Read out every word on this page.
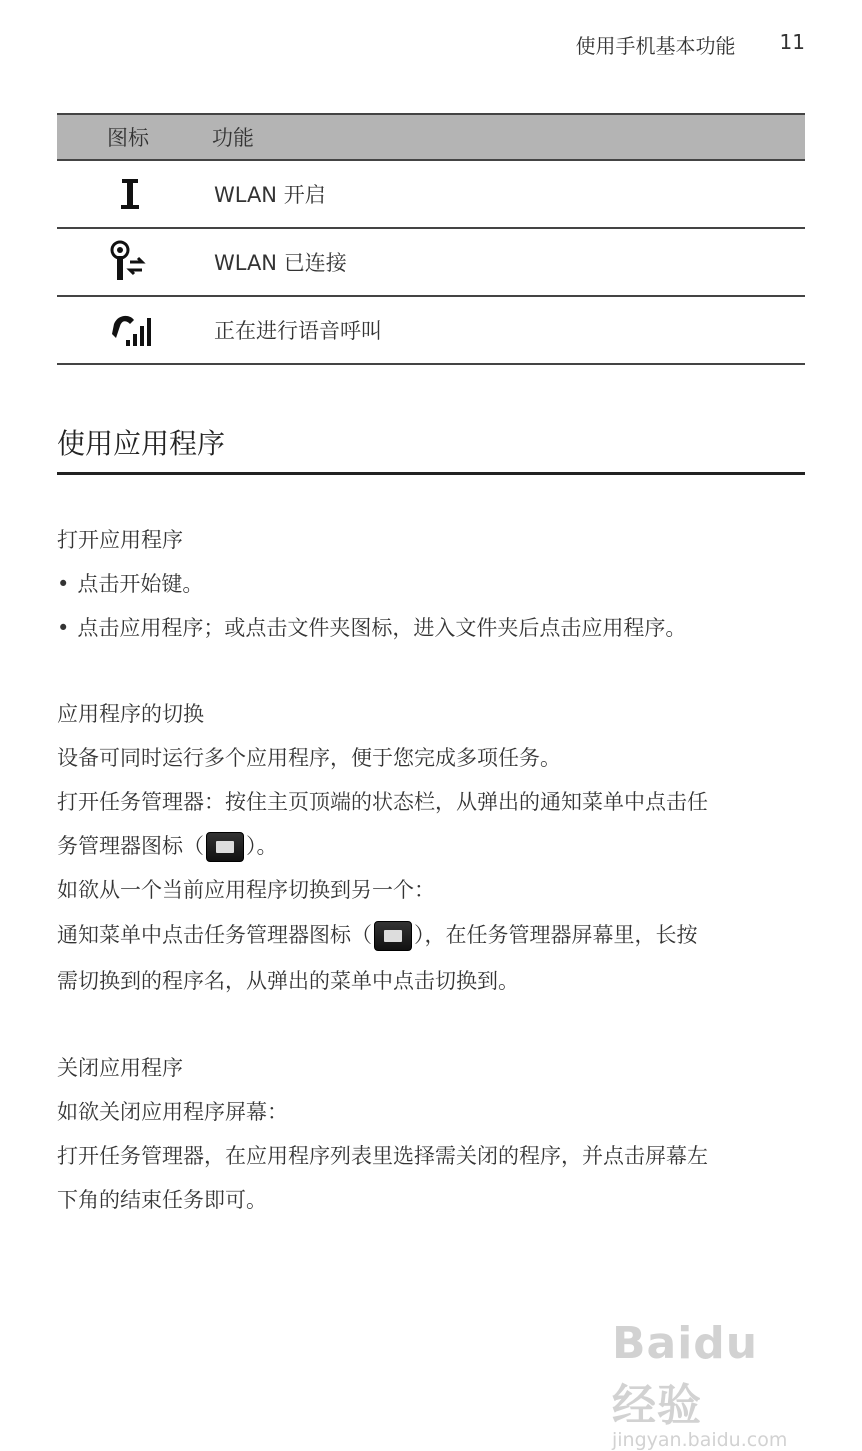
使用手机基本功能 11
图标	功能
WLAN 开启
WLAN 已连接
正在进行语音呼叫
使用应用程序

打开应用程序

• 点击开始键。
• 点击应用程序；或点击文件夹图标，进入文件夹后点击应用程序。

应用程序的切换

设备可同时运行多个应用程序，便于您完成多项任务。

打开任务管理器：按住主页顶端的状态栏，从弹出的通知菜单中点击任

务管理器图标（ ）。

如欲从一个当前应用程序切换到另一个：

通知菜单中点击任务管理器图标（ ），在任务管理器屏幕里，长按

需切换到的程序名，从弹出的菜单中点击切换到。

关闭应用程序

如欲关闭应用程序屏幕：

打开任务管理器，在应用程序列表里选择需关闭的程序，并点击屏幕左

下角的结束任务即可。

Baidu 经验
jingyan.baidu.com
